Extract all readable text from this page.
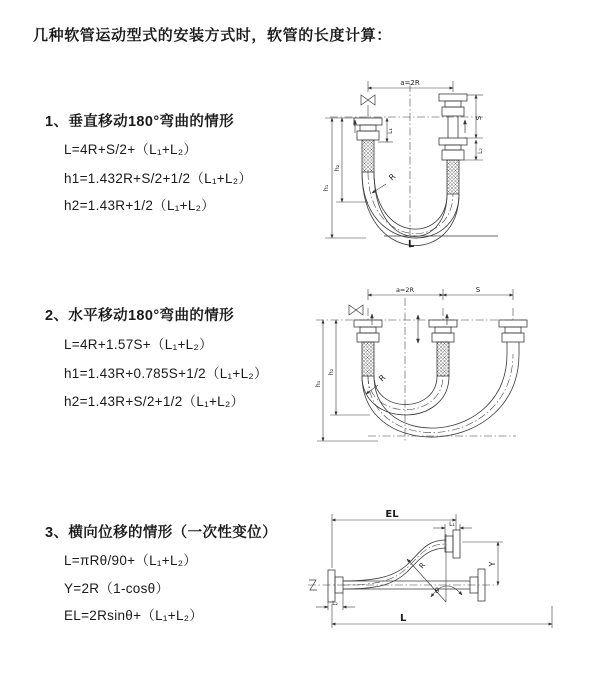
几种软管运动型式的安装方式时，软管的长度计算：
1、垂直移动180°弯曲的情形
L=4R+S/2+（L₁+L₂）
h1=1.432R+S/2+1/2（L₁+L₂）
h2=1.43R+1/2（L₁+L₂）
2、水平移动180°弯曲的情形
L=4R+1.57S+（L₁+L₂）
h1=1.43R+0.785S+1/2（L₁+L₂）
h2=1.43R+S/2+1/2（L₁+L₂）
3、横向位移的情形（一次性变位）
L=πRθ/90+（L₁+L₂）
Y=2R（1-cosθ）
EL=2Rsinθ+（L₁+L₂）
a=2R
S
L₁
L₂
h₁
h₂
R
L
a=2R	S
h₁
h₂
R
EL
L₁
Y
R
θ
L
L₂
